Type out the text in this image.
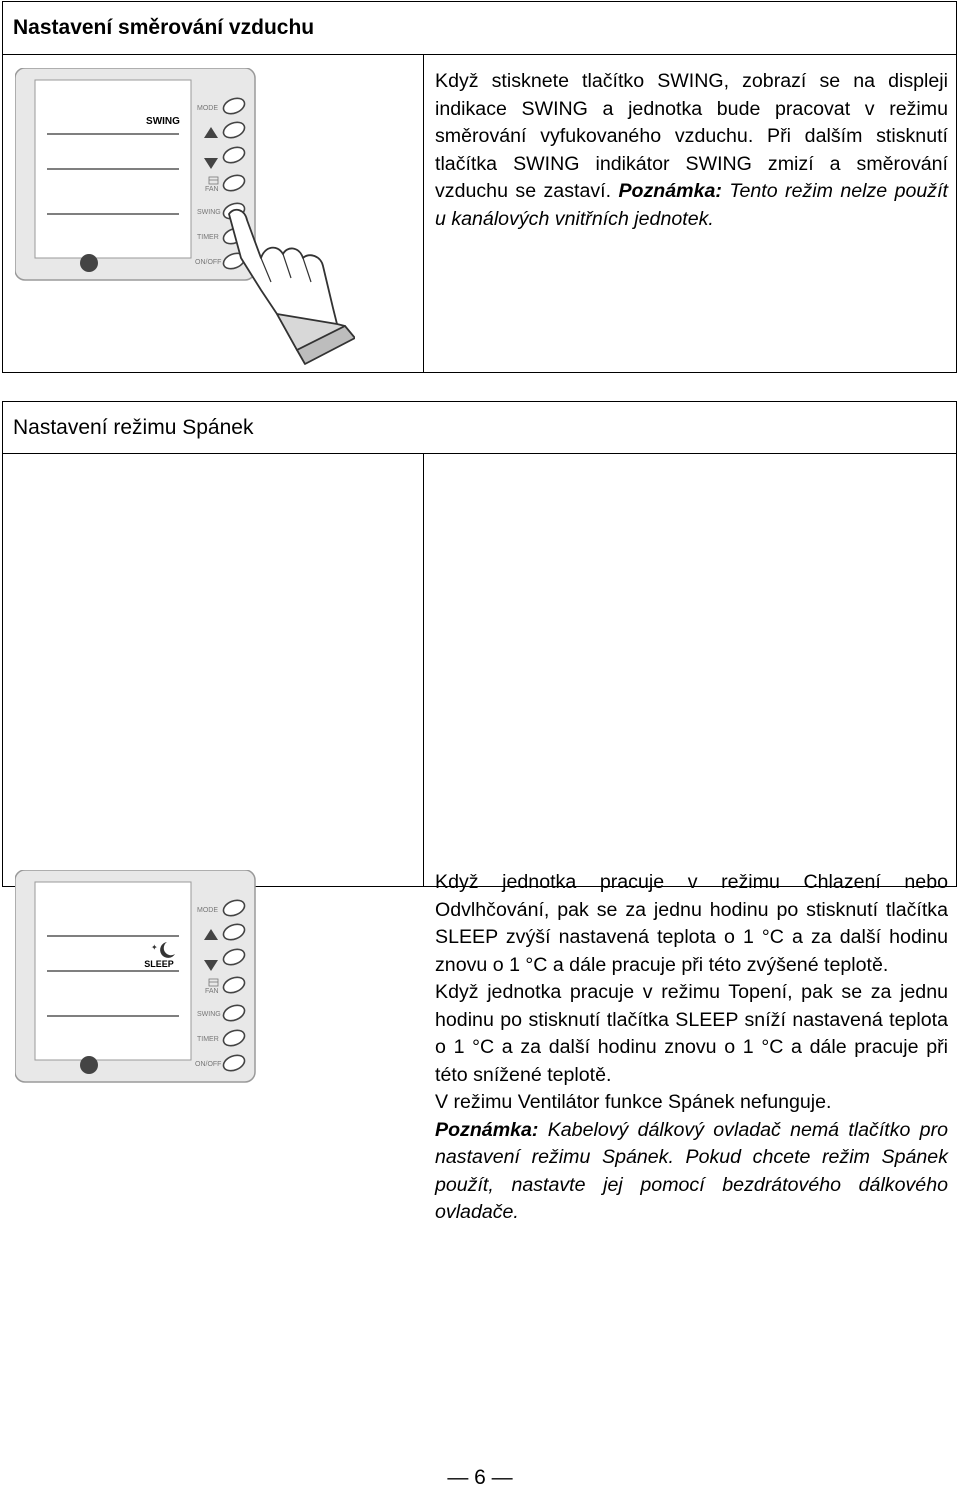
Nastavení směrování vzduchu
SWING
MODE
FAN
SWING
TIMER
ON/OFF

Když stisknete tlačítko SWING, zobrazí se na displeji indikace SWING a jednotka bude pracovat v režimu směrování vyfukovaného vzduchu. Při dalším stisknutí tlačítka SWING indikátor SWING zmizí a směrování vzduchu se zastaví. Poznámka: Tento režim nelze použít u kanálových vnitřních jednotek.

Nastavení režimu Spánek
✦
SLEEP
MODE
FAN
SWING
TIMER
ON/OFF

Když jednotka pracuje v režimu Chlazení nebo Odvlhčování, pak se za jednu hodinu po stisknutí tlačítka SLEEP zvýší nastavená teplota o 1 °C a za další hodinu znovu o 1 °C a dále pracuje při této zvýšené teplotě.

Když jednotka pracuje v režimu Topení, pak se za jednu hodinu po stisknutí tlačítka SLEEP sníží nastavená teplota o 1 °C a za další hodinu znovu o 1 °C a dále pracuje při této snížené teplotě.

V režimu Ventilátor funkce Spánek nefunguje.

Poznámka: Kabelový dálkový ovladač nemá tlačítko pro nastavení režimu Spánek. Pokud chcete režim Spánek použít, nastavte jej pomocí bezdrátového dálkového ovladače.

— 6 —
